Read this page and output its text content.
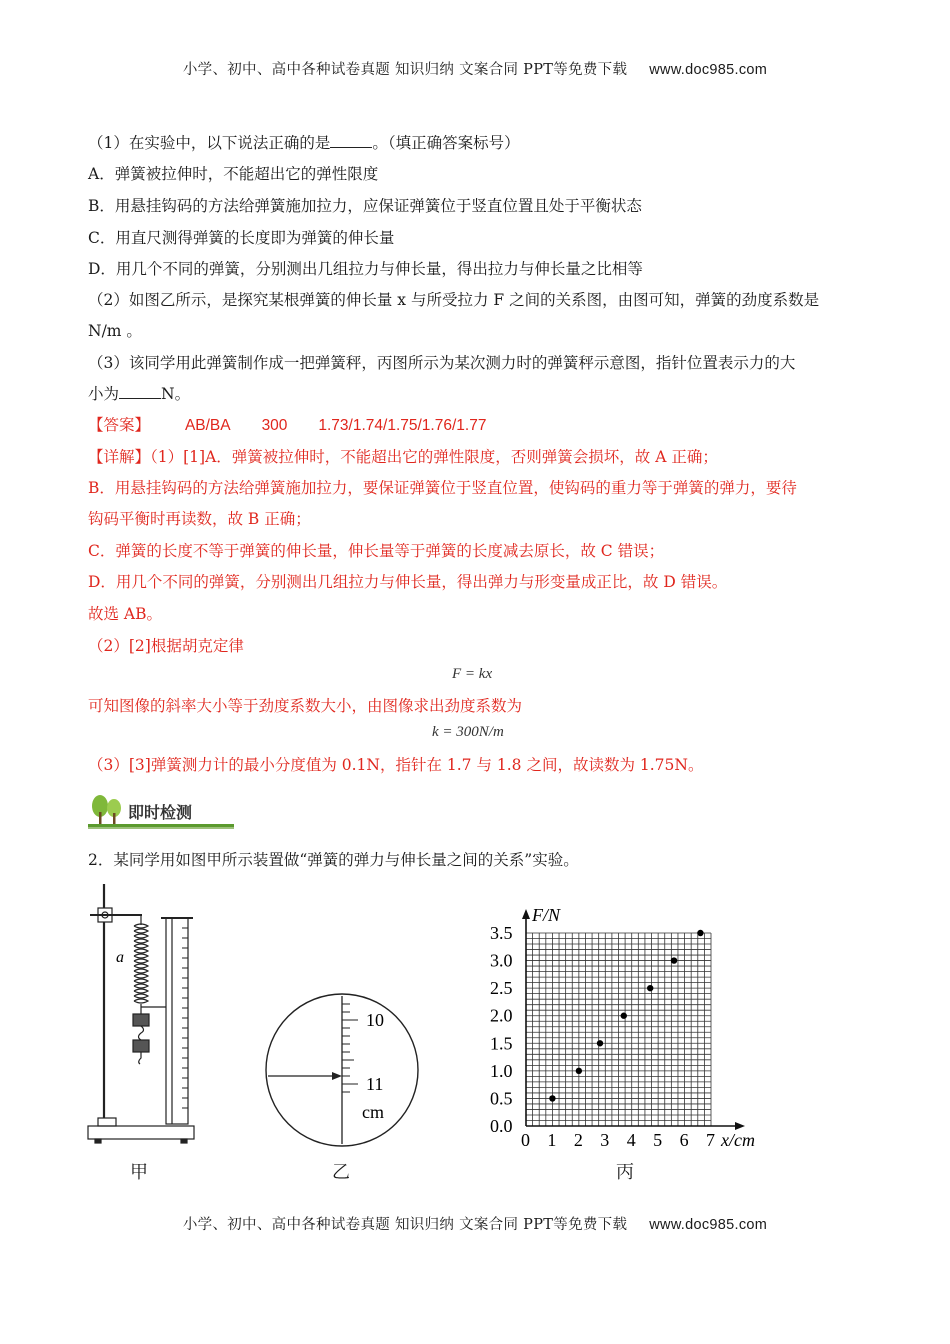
小学、初中、高中各种试卷真题 知识归纳 文案合同 PPT等免费下载 www.doc985.com
（1）在实验中，以下说法正确的是	。（填正确答案标号）
A．弹簧被拉伸时，不能超出它的弹性限度
B．用悬挂钩码的方法给弹簧施加拉力，应保证弹簧位于竖直位置且处于平衡状态
C．用直尺测得弹簧的长度即为弹簧的伸长量
D．用几个不同的弹簧，分别测出几组拉力与伸长量，得出拉力与伸长量之比相等
（2）如图乙所示，是探究某根弹簧的伸长量 x 与所受拉力 F 之间的关系图，由图可知，弹簧的劲度系数是
N/m 。
（3）该同学用此弹簧制作成一把弹簧秤，丙图所示为某次测力时的弹簧秤示意图，指针位置表示力的大
小为	N。
【答案】 AB/BA 300 1.73/1.74/1.75/1.76/1.77
【详解】（1）[1]A．弹簧被拉伸时，不能超出它的弹性限度，否则弹簧会损坏，故 A 正确；
B．用悬挂钩码的方法给弹簧施加拉力，要保证弹簧位于竖直位置，使钩码的重力等于弹簧的弹力，要待
钩码平衡时再读数，故 B 正确；
C．弹簧的长度不等于弹簧的伸长量，伸长量等于弹簧的长度减去原长，故 C 错误；
D．用几个不同的弹簧，分别测出几组拉力与伸长量，得出弹力与形变量成正比，故 D 错误。
故选 AB。
（2）[2]根据胡克定律
F = kx
可知图像的斜率大小等于劲度系数大小，由图像求出劲度系数为
k = 300N/m
（3）[3]弹簧测力计的最小分度值为 0.1N，指针在 1.7 与 1.8 之间，故读数为 1.75N。
即时检测
2．某同学用如图甲所示装置做“弹簧的弹力与伸长量之间的关系”实验。
a
甲
10
11
cm
乙
0 1 2 3 4 5 6 7
0.0
0.5
1.0
1.5
2.0
2.5
3.0
3.5
F/N
x/cm
丙
小学、初中、高中各种试卷真题 知识归纳 文案合同 PPT等免费下载 www.doc985.com
